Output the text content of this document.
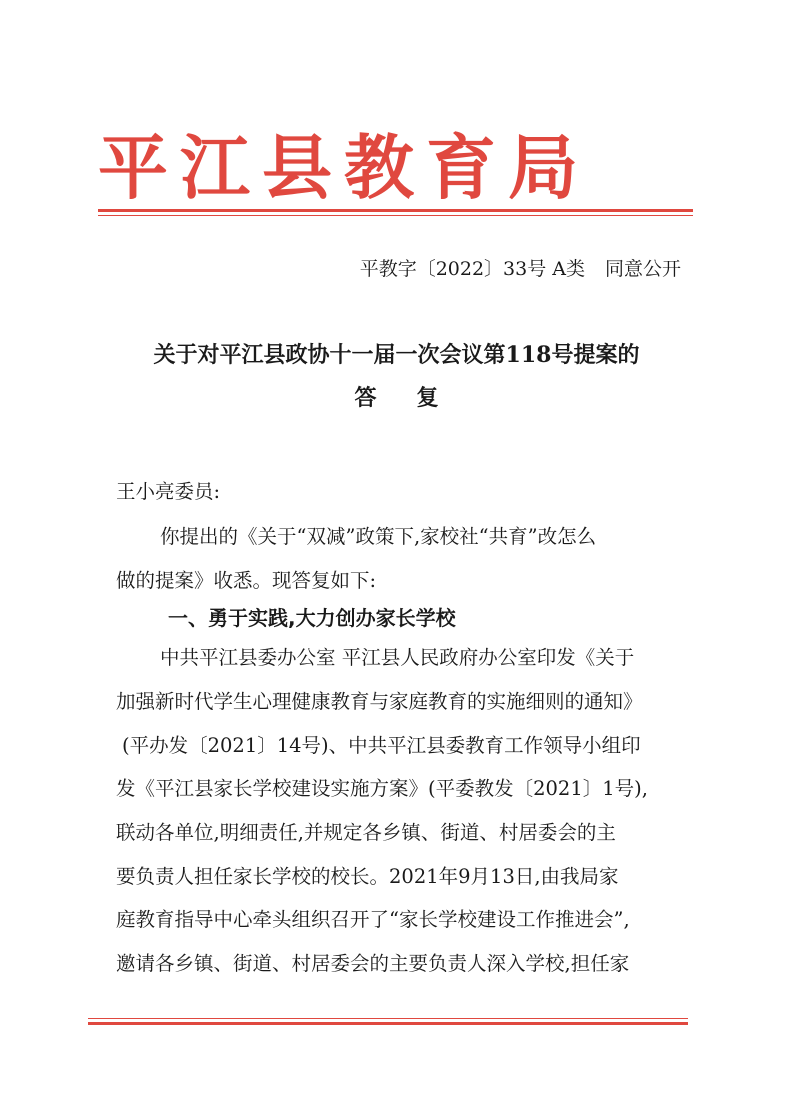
平江县教育局
平教字〔2022〕33号 A类 同意公开
关于对平江县政协十一届一次会议第118号提案的
答复
王小亮委员:
你提出的《关于“双减”政策下,家校社“共育”改怎么
做的提案》收悉。现答复如下:
一、勇于实践,大力创办家长学校
中共平江县委办公室 平江县人民政府办公室印发《关于
加强新时代学生心理健康教育与家庭教育的实施细则的通知》
(平办发〔2021〕14号)、中共平江县委教育工作领导小组印
发《平江县家长学校建设实施方案》(平委教发〔2021〕1号),
联动各单位,明细责任,并规定各乡镇、街道、村居委会的主
要负责人担任家长学校的校长。2021年9月13日,由我局家
庭教育指导中心牵头组织召开了“家长学校建设工作推进会”,
邀请各乡镇、街道、村居委会的主要负责人深入学校,担任家
